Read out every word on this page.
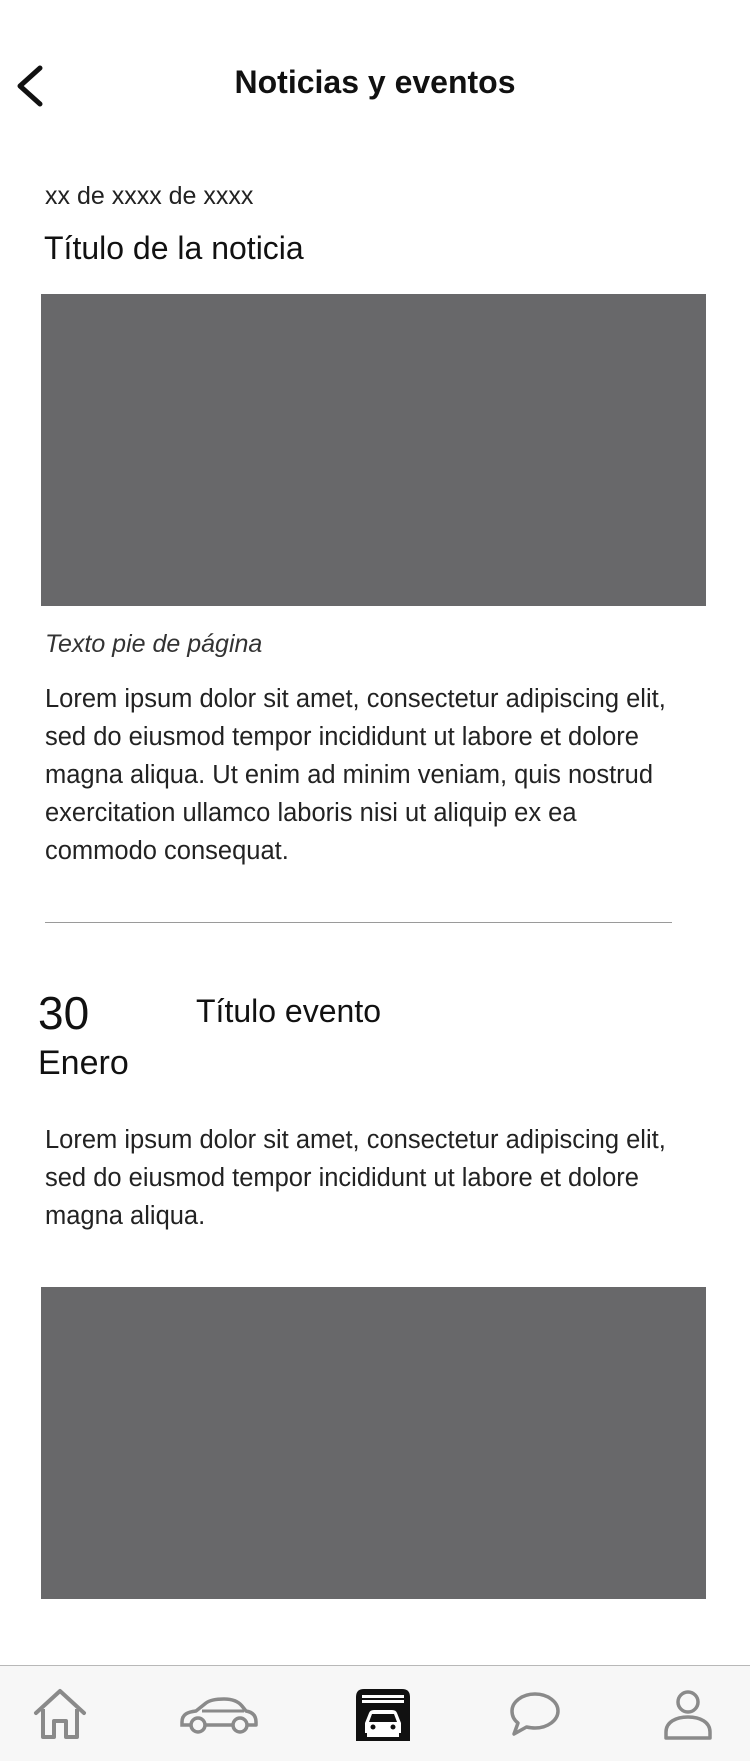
Noticias y eventos
xx de xxxx de xxxx
Título de la noticia
Texto pie de página
Lorem ipsum dolor sit amet, consectetur adipiscing elit, sed do eiusmod tempor incididunt ut labore et dolore magna aliqua. Ut enim ad minim veniam, quis nostrud exercitation ullamco laboris nisi ut aliquip ex ea commodo consequat.
30
Enero
Título evento
Lorem ipsum dolor sit amet, consectetur adipiscing elit, sed do eiusmod tempor incididunt ut labore et dolore magna aliqua.
